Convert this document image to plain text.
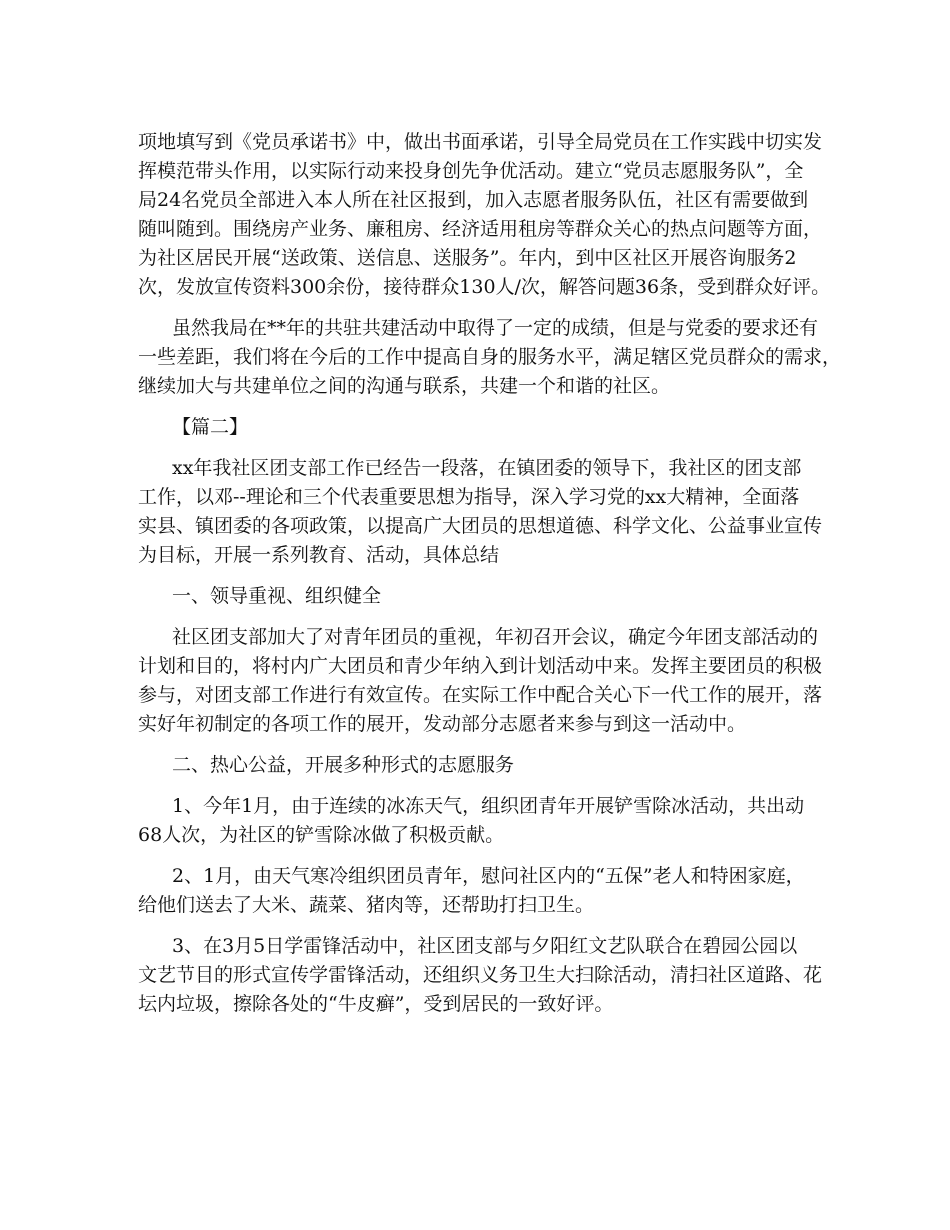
项地填写到《党员承诺书》中，做出书面承诺，引导全局党员在工作实践中切实发
挥模范带头作用，以实际行动来投身创先争优活动。建立“党员志愿服务队”，全
局24名党员全部进入本人所在社区报到，加入志愿者服务队伍，社区有需要做到
随叫随到。围绕房产业务、廉租房、经济适用租房等群众关心的热点问题等方面，
为社区居民开展“送政策、送信息、送服务”。年内，到中区社区开展咨询服务2
次，发放宣传资料300余份，接待群众130人/次，解答问题36条，受到群众好评。
虽然我局在**年的共驻共建活动中取得了一定的成绩，但是与党委的要求还有
一些差距，我们将在今后的工作中提高自身的服务水平，满足辖区党员群众的需求，
继续加大与共建单位之间的沟通与联系，共建一个和谐的社区。
【篇二】
xx年我社区团支部工作已经告一段落，在镇团委的领导下，我社区的团支部
工作，以邓--理论和三个代表重要思想为指导，深入学习党的xx大精神，全面落
实县、镇团委的各项政策，以提高广大团员的思想道德、科学文化、公益事业宣传
为目标，开展一系列教育、活动，具体总结
一、领导重视、组织健全
社区团支部加大了对青年团员的重视，年初召开会议，确定今年团支部活动的
计划和目的，将村内广大团员和青少年纳入到计划活动中来。发挥主要团员的积极
参与，对团支部工作进行有效宣传。在实际工作中配合关心下一代工作的展开，落
实好年初制定的各项工作的展开，发动部分志愿者来参与到这一活动中。
二、热心公益，开展多种形式的志愿服务
1、今年1月，由于连续的冰冻天气，组织团青年开展铲雪除冰活动，共出动
68人次，为社区的铲雪除冰做了积极贡献。
2、1月，由天气寒冷组织团员青年，慰问社区内的“五保”老人和特困家庭，
给他们送去了大米、蔬菜、猪肉等，还帮助打扫卫生。
3、在3月5日学雷锋活动中，社区团支部与夕阳红文艺队联合在碧园公园以
文艺节目的形式宣传学雷锋活动，还组织义务卫生大扫除活动，清扫社区道路、花
坛内垃圾，擦除各处的“牛皮癣”，受到居民的一致好评。
